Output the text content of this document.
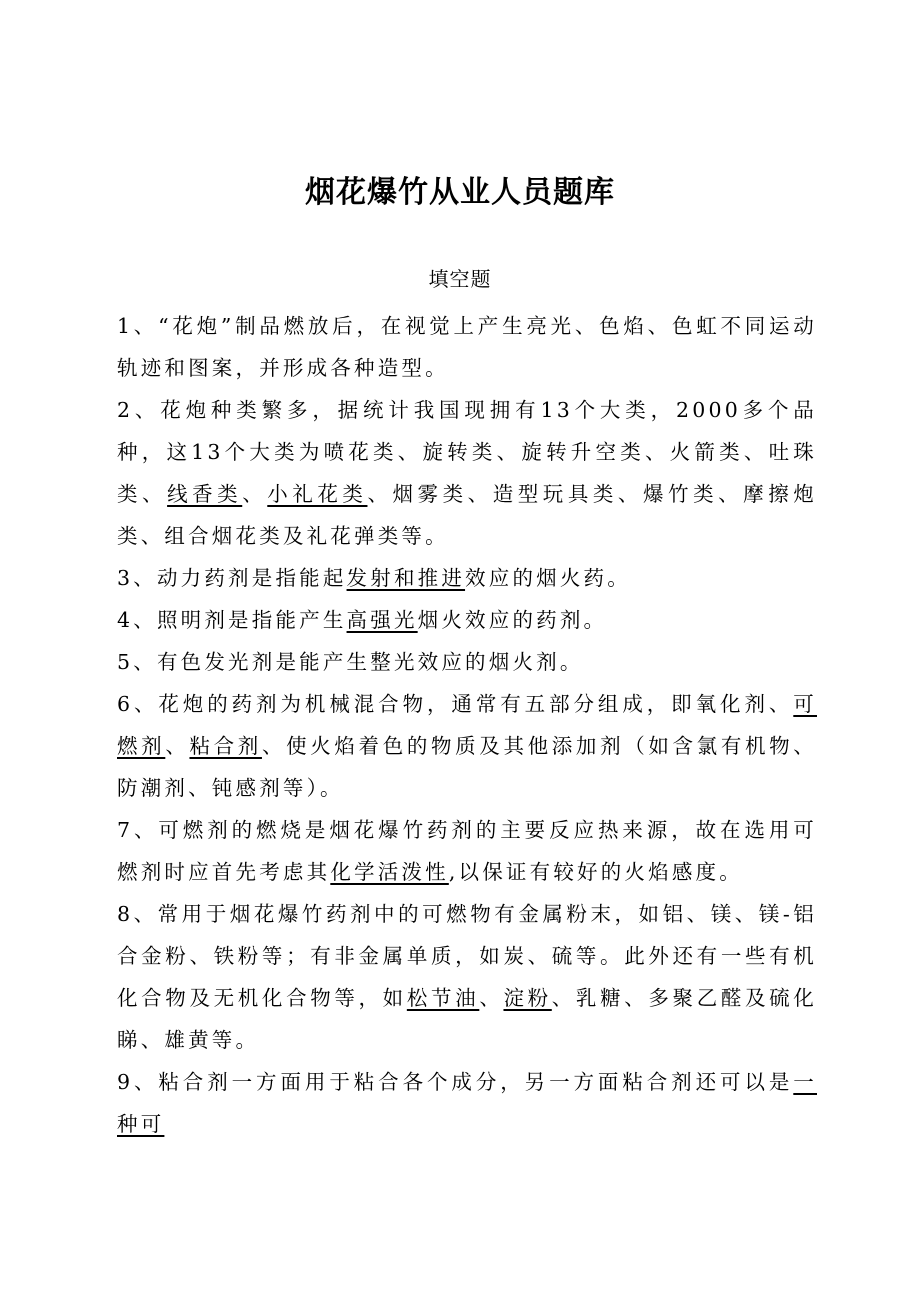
烟花爆竹从业人员题库
填空题

1、“花炮”制品燃放后，在视觉上产生亮光、色焰、色虹不同运动轨迹和图案，并形成各种造型。

2、花炮种类繁多，据统计我国现拥有13个大类，2000多个品种，这13个大类为喷花类、旋转类、旋转升空类、火箭类、吐珠类、线香类、小礼花类、烟雾类、造型玩具类、爆竹类、摩擦炮类、组合烟花类及礼花弹类等。

3、动力药剂是指能起发射和推进效应的烟火药。

4、照明剂是指能产生高强光烟火效应的药剂。

5、有色发光剂是能产生整光效应的烟火剂。

6、花炮的药剂为机械混合物，通常有五部分组成，即氧化剂、可燃剂、粘合剂、使火焰着色的物质及其他添加剂（如含氯有机物、防潮剂、钝感剂等）。

7、可燃剂的燃烧是烟花爆竹药剂的主要反应热来源，故在选用可燃剂时应首先考虑其化学活泼性,以保证有较好的火焰感度。

8、常用于烟花爆竹药剂中的可燃物有金属粉末，如铝、镁、镁-铝合金粉、铁粉等；有非金属单质，如炭、硫等。此外还有一些有机化合物及无机化合物等，如松节油、淀粉、乳糖、多聚乙醛及硫化睇、雄黄等。

9、粘合剂一方面用于粘合各个成分，另一方面粘合剂还可以是一种可
